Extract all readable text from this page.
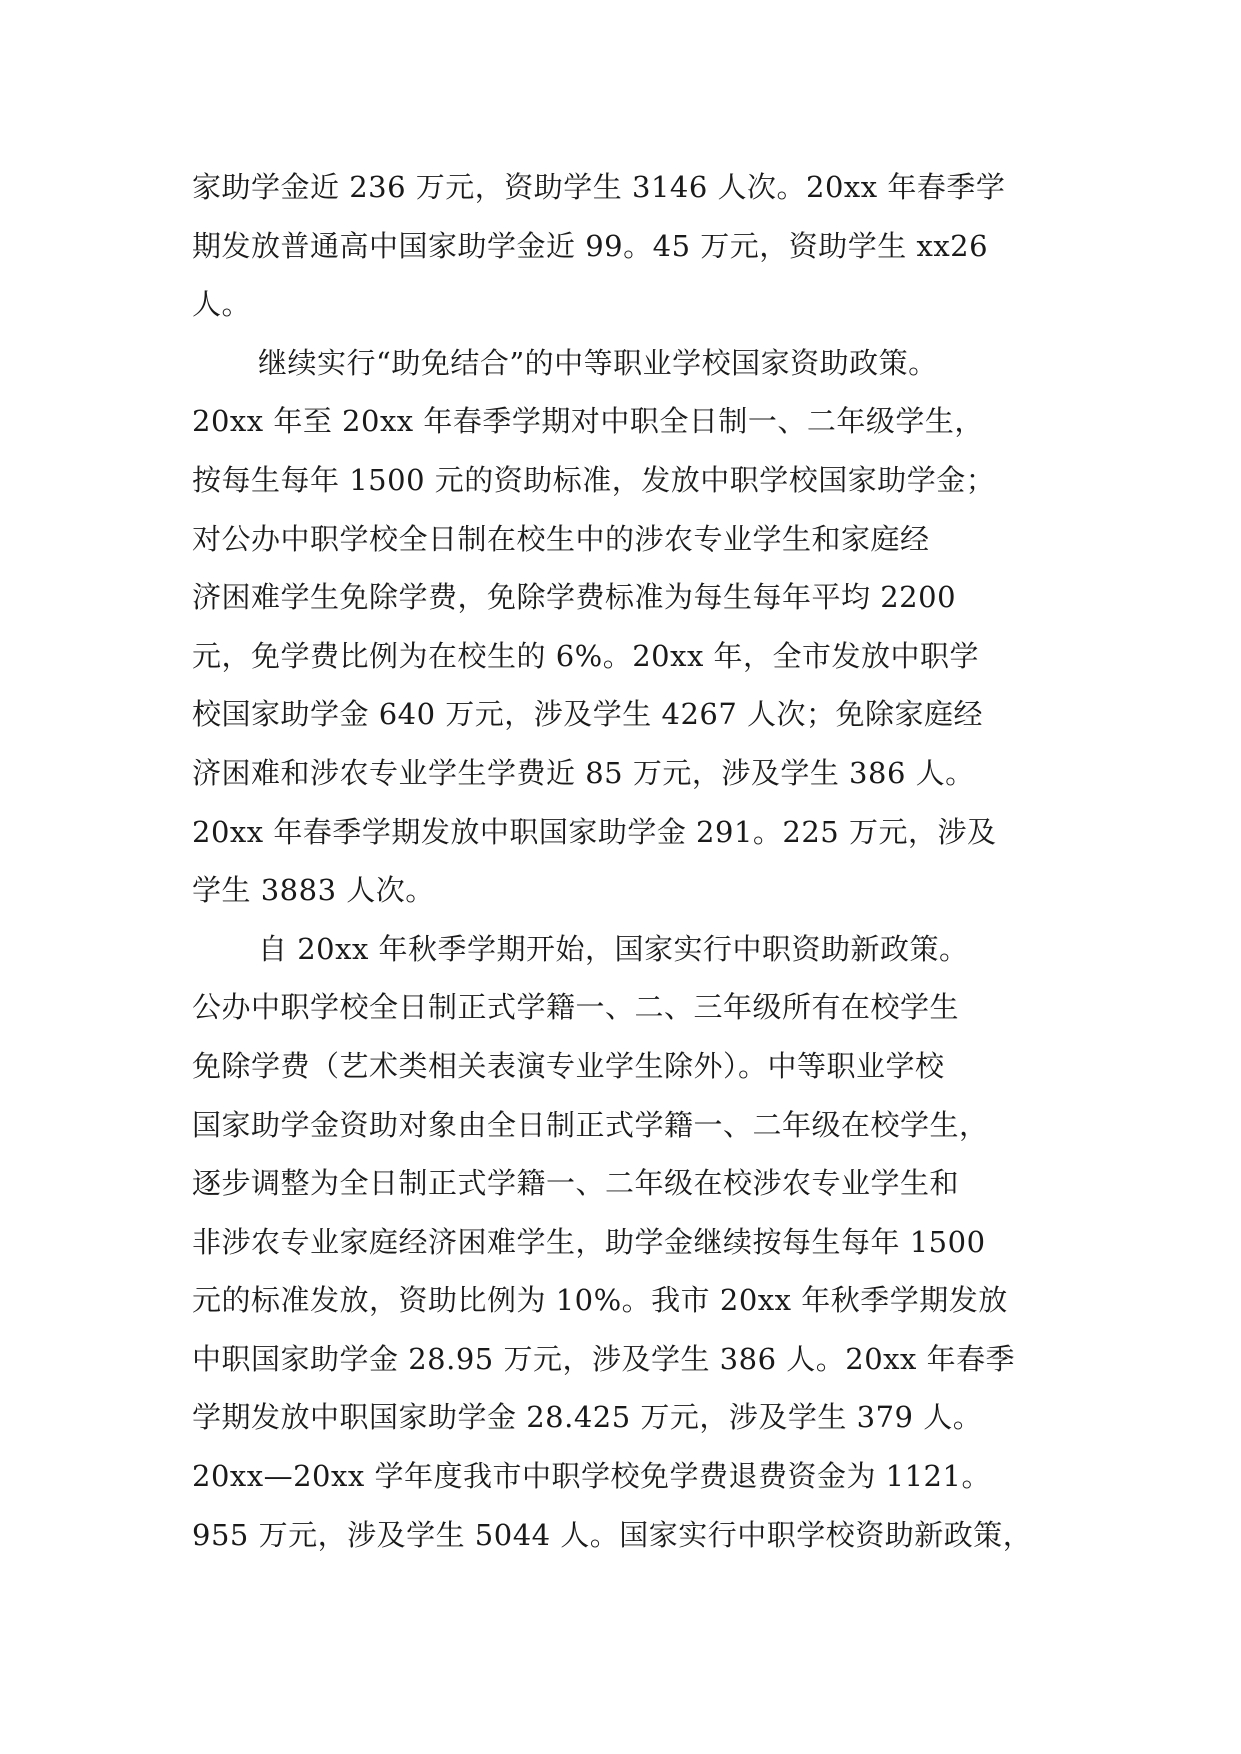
家助学金近 236 万元，资助学生 3146 人次。20xx 年春季学
期发放普通高中国家助学金近 99。45 万元，资助学生 xx26
人。
继续实行“助免结合”的中等职业学校国家资助政策。
20xx 年至 20xx 年春季学期对中职全日制一、二年级学生，
按每生每年 1500 元的资助标准，发放中职学校国家助学金；
对公办中职学校全日制在校生中的涉农专业学生和家庭经
济困难学生免除学费，免除学费标准为每生每年平均 2200
元，免学费比例为在校生的 6%。20xx 年，全市发放中职学
校国家助学金 640 万元，涉及学生 4267 人次；免除家庭经
济困难和涉农专业学生学费近 85 万元，涉及学生 386 人。
20xx 年春季学期发放中职国家助学金 291。225 万元，涉及
学生 3883 人次。
自 20xx 年秋季学期开始，国家实行中职资助新政策。
公办中职学校全日制正式学籍一、二、三年级所有在校学生
免除学费（艺术类相关表演专业学生除外）。中等职业学校
国家助学金资助对象由全日制正式学籍一、二年级在校学生，
逐步调整为全日制正式学籍一、二年级在校涉农专业学生和
非涉农专业家庭经济困难学生，助学金继续按每生每年 1500
元的标准发放，资助比例为 10%。我市 20xx 年秋季学期发放
中职国家助学金 28.95 万元，涉及学生 386 人。20xx 年春季
学期发放中职国家助学金 28.425 万元，涉及学生 379 人。
20xx—20xx 学年度我市中职学校免学费退费资金为 1121。
955 万元，涉及学生 5044 人。国家实行中职学校资助新政策，
